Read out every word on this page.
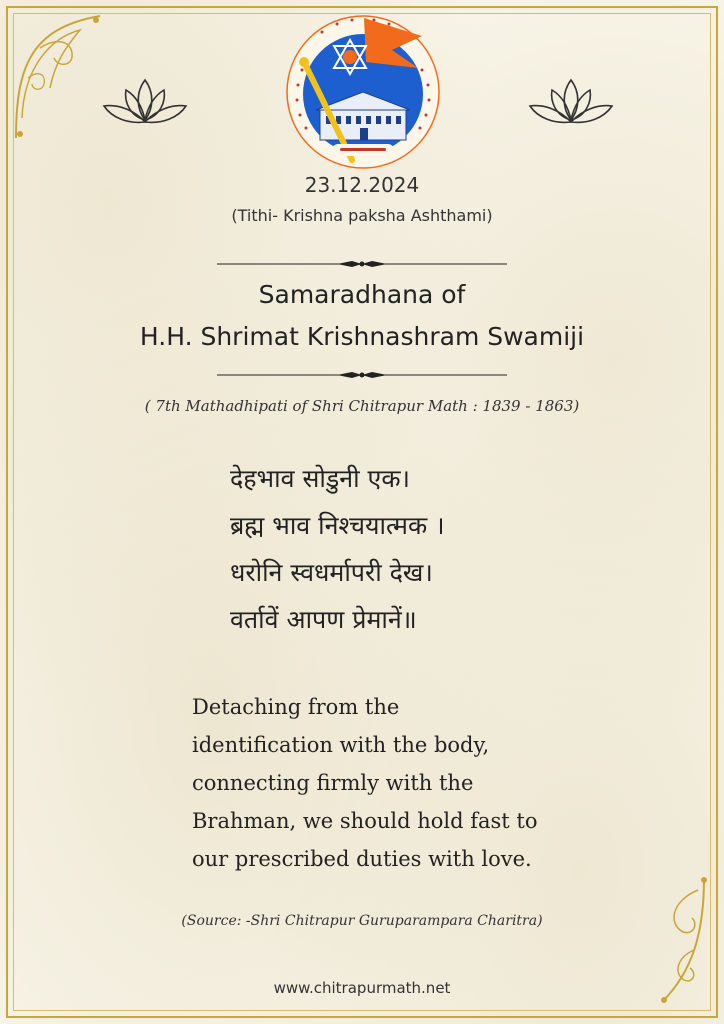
23.12.2024
(Tithi- Krishna paksha Ashthami)
Samaradhana of
H.H. Shrimat Krishnashram Swamiji
( 7th Mathadhipati of Shri Chitrapur Math : 1839 - 1863)
देहभाव सोडुनी एक।
ब्रह्म भाव निश्चयात्मक ।
धरोनि स्वधर्मापरी देख।
वर्तावें आपण प्रेमानें॥
Detaching from the
identification with the body,
connecting firmly with the
Brahman, we should hold fast to
our prescribed duties with love.
(Source: -Shri Chitrapur Guruparampara Charitra)
www.chitrapurmath.net
